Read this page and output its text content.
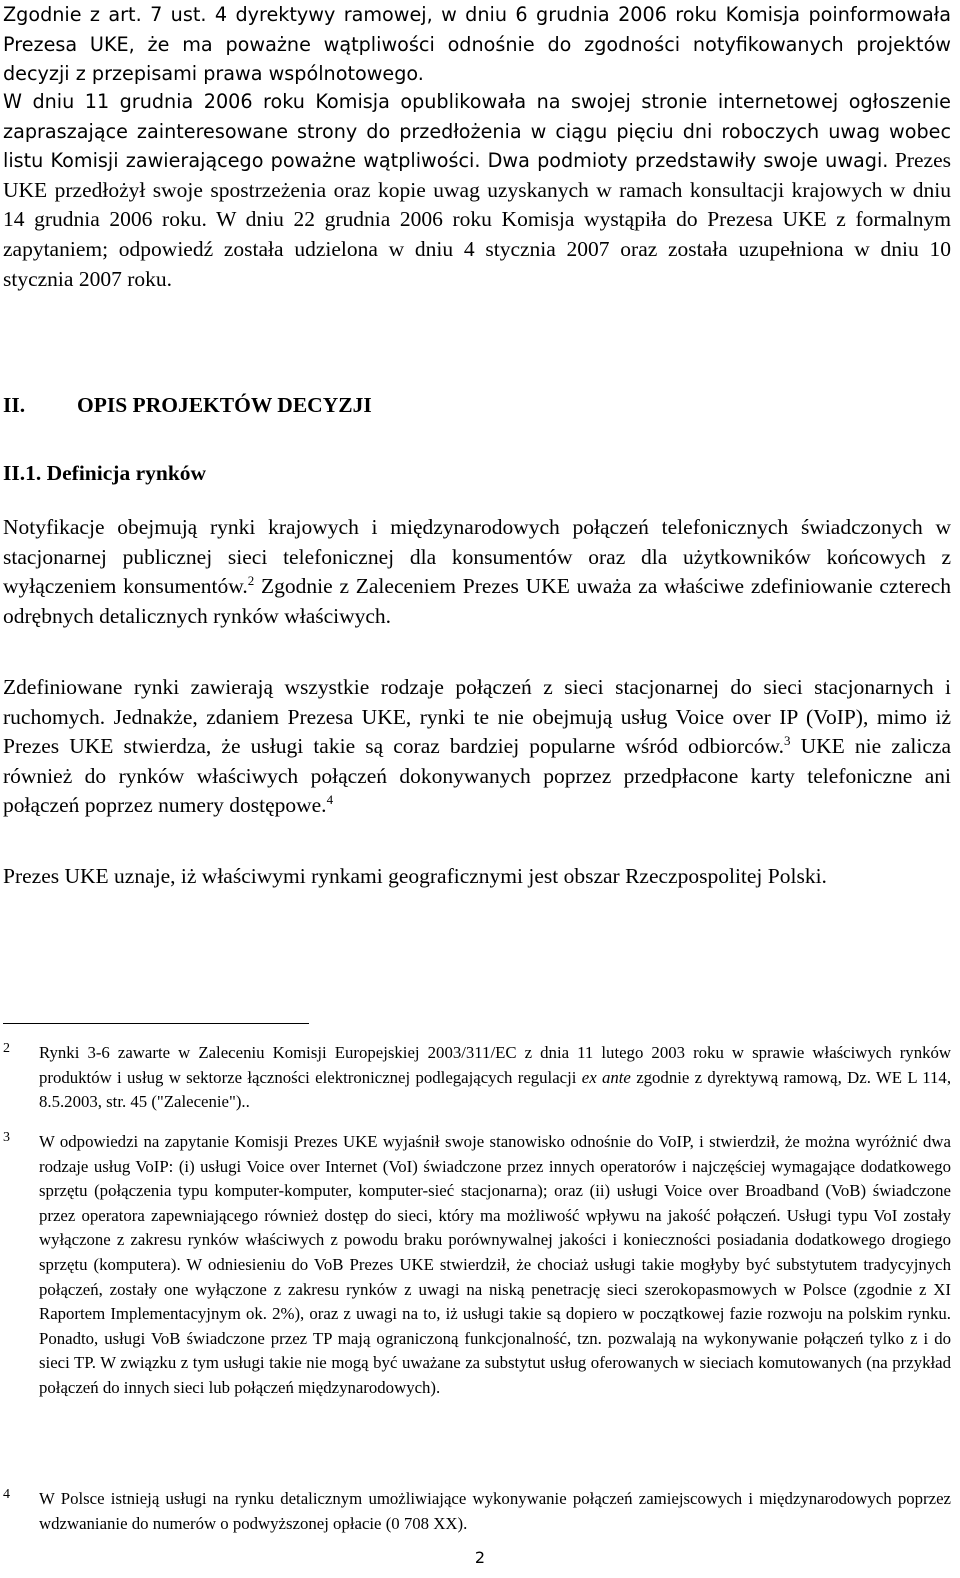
Zgodnie z art. 7 ust. 4 dyrektywy ramowej, w dniu 6 grudnia 2006 roku Komisja poinformowała Prezesa UKE, że ma poważne wątpliwości odnośnie do zgodności notyfikowanych projektów decyzji z przepisami prawa wspólnotowego.

W dniu 11 grudnia 2006 roku Komisja opublikowała na swojej stronie internetowej ogłoszenie zapraszające zainteresowane strony do przedłożenia w ciągu pięciu dni roboczych uwag wobec listu Komisji zawierającego poważne wątpliwości. Dwa podmioty przedstawiły swoje uwagi. Prezes UKE przedłożył swoje spostrzeżenia oraz kopie uwag uzyskanych w ramach konsultacji krajowych w dniu 14 grudnia 2006 roku. W dniu 22 grudnia 2006 roku Komisja wystąpiła do Prezesa UKE z formalnym zapytaniem; odpowiedź została udzielona w dniu 4 stycznia 2007 oraz została uzupełniona w dniu 10 stycznia 2007 roku.

II.	OPIS PROJEKTÓW DECYZJI
II.1. Definicja rynków

Notyfikacje obejmują rynki krajowych i międzynarodowych połączeń telefonicznych świadczonych w stacjonarnej publicznej sieci telefonicznej dla konsumentów oraz dla użytkowników końcowych z wyłączeniem konsumentów.$^2$ Zgodnie z Zaleceniem Prezes UKE uważa za właściwe zdefiniowanie czterech odrębnych detalicznych rynków właściwych.

Zdefiniowane rynki zawierają wszystkie rodzaje połączeń z sieci stacjonarnej do sieci stacjonarnych i ruchomych. Jednakże, zdaniem Prezesa UKE, rynki te nie obejmują usług Voice over IP (VoIP), mimo iż Prezes UKE stwierdza, że usługi takie są coraz bardziej popularne wśród odbiorców.$^3$ UKE nie zalicza również do rynków właściwych połączeń dokonywanych poprzez przedpłacone karty telefoniczne ani połączeń poprzez numery dostępowe.$^4$

Prezes UKE uznaje, iż właściwymi rynkami geograficznymi jest obszar Rzeczpospolitej Polski.

2	Rynki 3-6 zawarte w Zaleceniu Komisji Europejskiej 2003/311/EC z dnia 11 lutego 2003 roku w sprawie właściwych rynków produktów i usług w sektorze łączności elektronicznej podlegających regulacji ex ante zgodnie z dyrektywą ramową, Dz. WE L 114, 8.5.2003, str. 45 ("Zalecenie")..
3	W odpowiedzi na zapytanie Komisji Prezes UKE wyjaśnił swoje stanowisko odnośnie do VoIP, i stwierdził, że można wyróżnić dwa rodzaje usług VoIP: (i) usługi Voice over Internet (VoI) świadczone przez innych operatorów i najczęściej wymagające dodatkowego sprzętu (połączenia typu komputer-komputer, komputer-sieć stacjonarna); oraz (ii) usługi Voice over Broadband (VoB) świadczone przez operatora zapewniającego również dostęp do sieci, który ma możliwość wpływu na jakość połączeń. Usługi typu VoI zostały wyłączone z zakresu rynków właściwych z powodu braku porównywalnej jakości i konieczności posiadania dodatkowego drogiego sprzętu (komputera). W odniesieniu do VoB Prezes UKE stwierdził, że chociaż usługi takie mogłyby być substytutem tradycyjnych połączeń, zostały one wyłączone z zakresu rynków z uwagi na niską penetrację sieci szerokopasmowych w Polsce (zgodnie z XI Raportem Implementacyjnym ok. 2%), oraz z uwagi na to, iż usługi takie są dopiero w początkowej fazie rozwoju na polskim rynku. Ponadto, usługi VoB świadczone przez TP mają ograniczoną funkcjonalność, tzn. pozwalają na wykonywanie połączeń tylko z i do sieci TP. W związku z tym usługi takie nie mogą być uważane za substytut usług oferowanych w sieciach komutowanych (na przykład połączeń do innych sieci lub połączeń międzynarodowych).
4	W Polsce istnieją usługi na rynku detalicznym umożliwiające wykonywanie połączeń zamiejscowych i międzynarodowych poprzez wdzwanianie do numerów o podwyższonej opłacie (0 708 XX).
2
